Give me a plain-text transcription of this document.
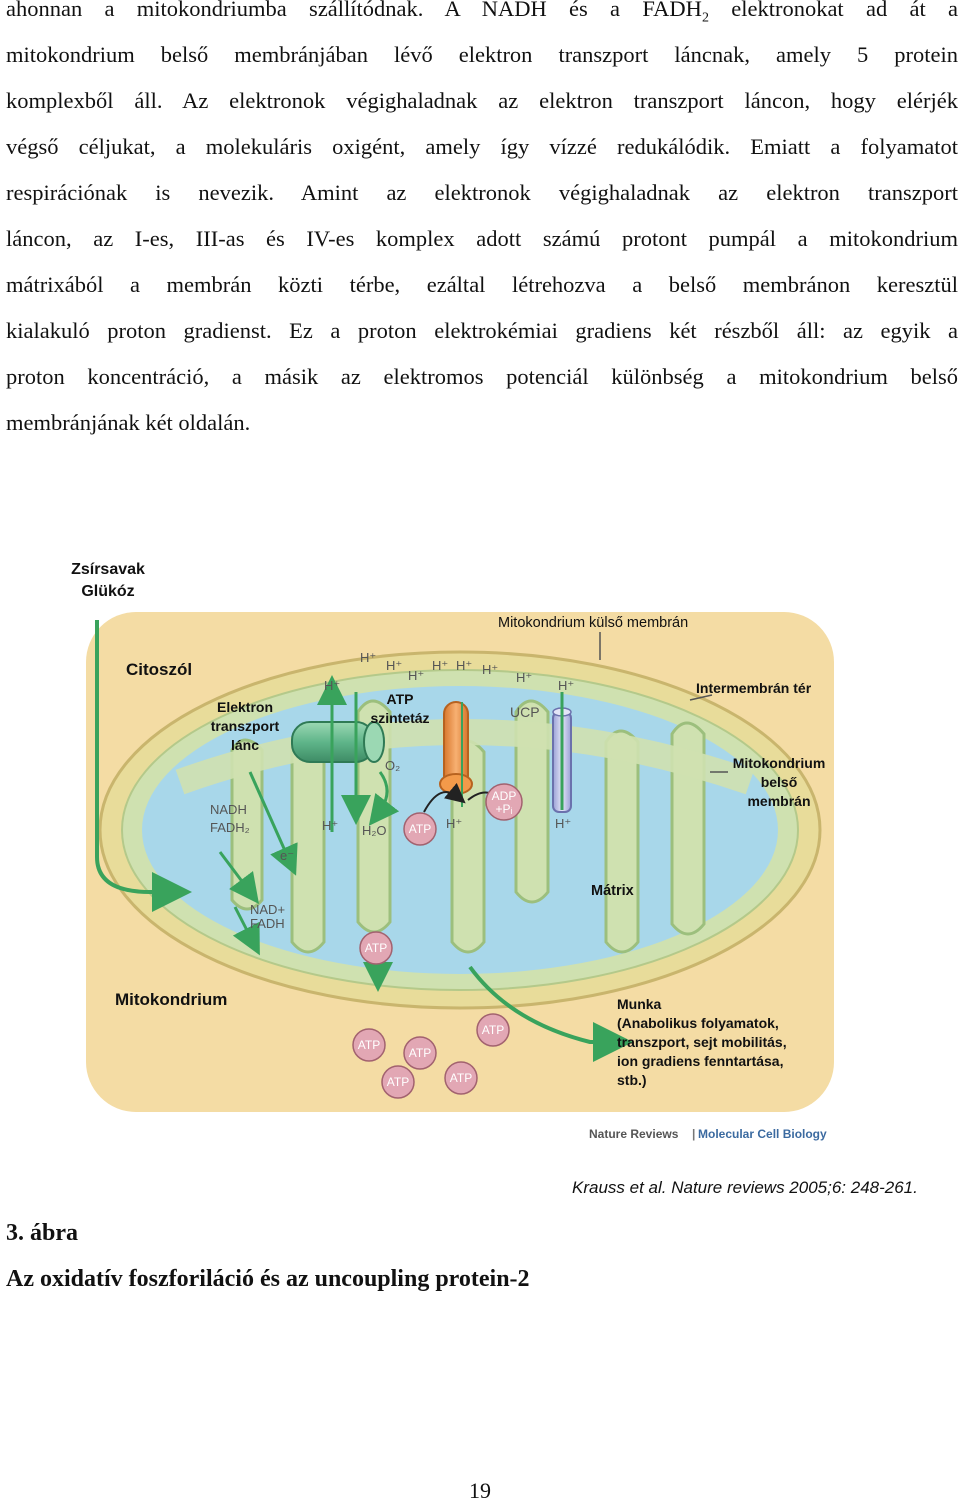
ahonnan a mitokondriumba szállítódnak. A NADH és a $FADH_2$ elektronokat ad át a
mitokondrium belső membránjában lévő elektron transzport láncnak, amely 5 protein
komplexből áll. Az elektronok végighaladnak az elektron transzport láncon, hogy elérjék
végső céljukat, a molekuláris oxigént, amely így vízzé redukálódik. Emiatt a folyamatot
respirációnak is nevezik. Amint az elektronok végighaladnak az elektron transzport
láncon, az I-es, III-as és IV-es komplex adott számú protont pumpál a mitokondrium
mátrixából a membrán közti térbe, ezáltal létrehozva a belső membránon keresztül
kialakuló proton gradienst. Ez a proton elektrokémiai gradiens két részből áll: az egyik a
proton koncentráció, a másik az elektromos potenciál különbség a mitokondrium belső
membránjának két oldalán.
H⁺
H⁺
H⁺
H⁺ H⁺ H⁺
H⁺
H⁺	H⁺
H⁺	H⁺	H⁺
UCP
O₂
H₂O
NADH
FADH₂
e⁻
NAD+
FADH
ATP
ADP
+Pᵢ
ATP
ATP
ATP
ATP
ATP	ATP
Nature Reviews | Molecular Cell Biology
Zsírsavak
Glükóz
Mitokondrium külső membrán
Citoszól
Intermembrán tér
Elektron
transzport
lánc
ATP
szintetáz
Mitokondrium
belső
membrán
Mátrix
Mitokondrium	Munka
(Anabolikus folyamatok,
transzport, sejt mobilitás,
ion gradiens fenntartása,
stb.)
Krauss et al. Nature reviews 2005;6: 248-261.
3. ábra
Az oxidatív foszforiláció és az uncoupling protein-2
19
